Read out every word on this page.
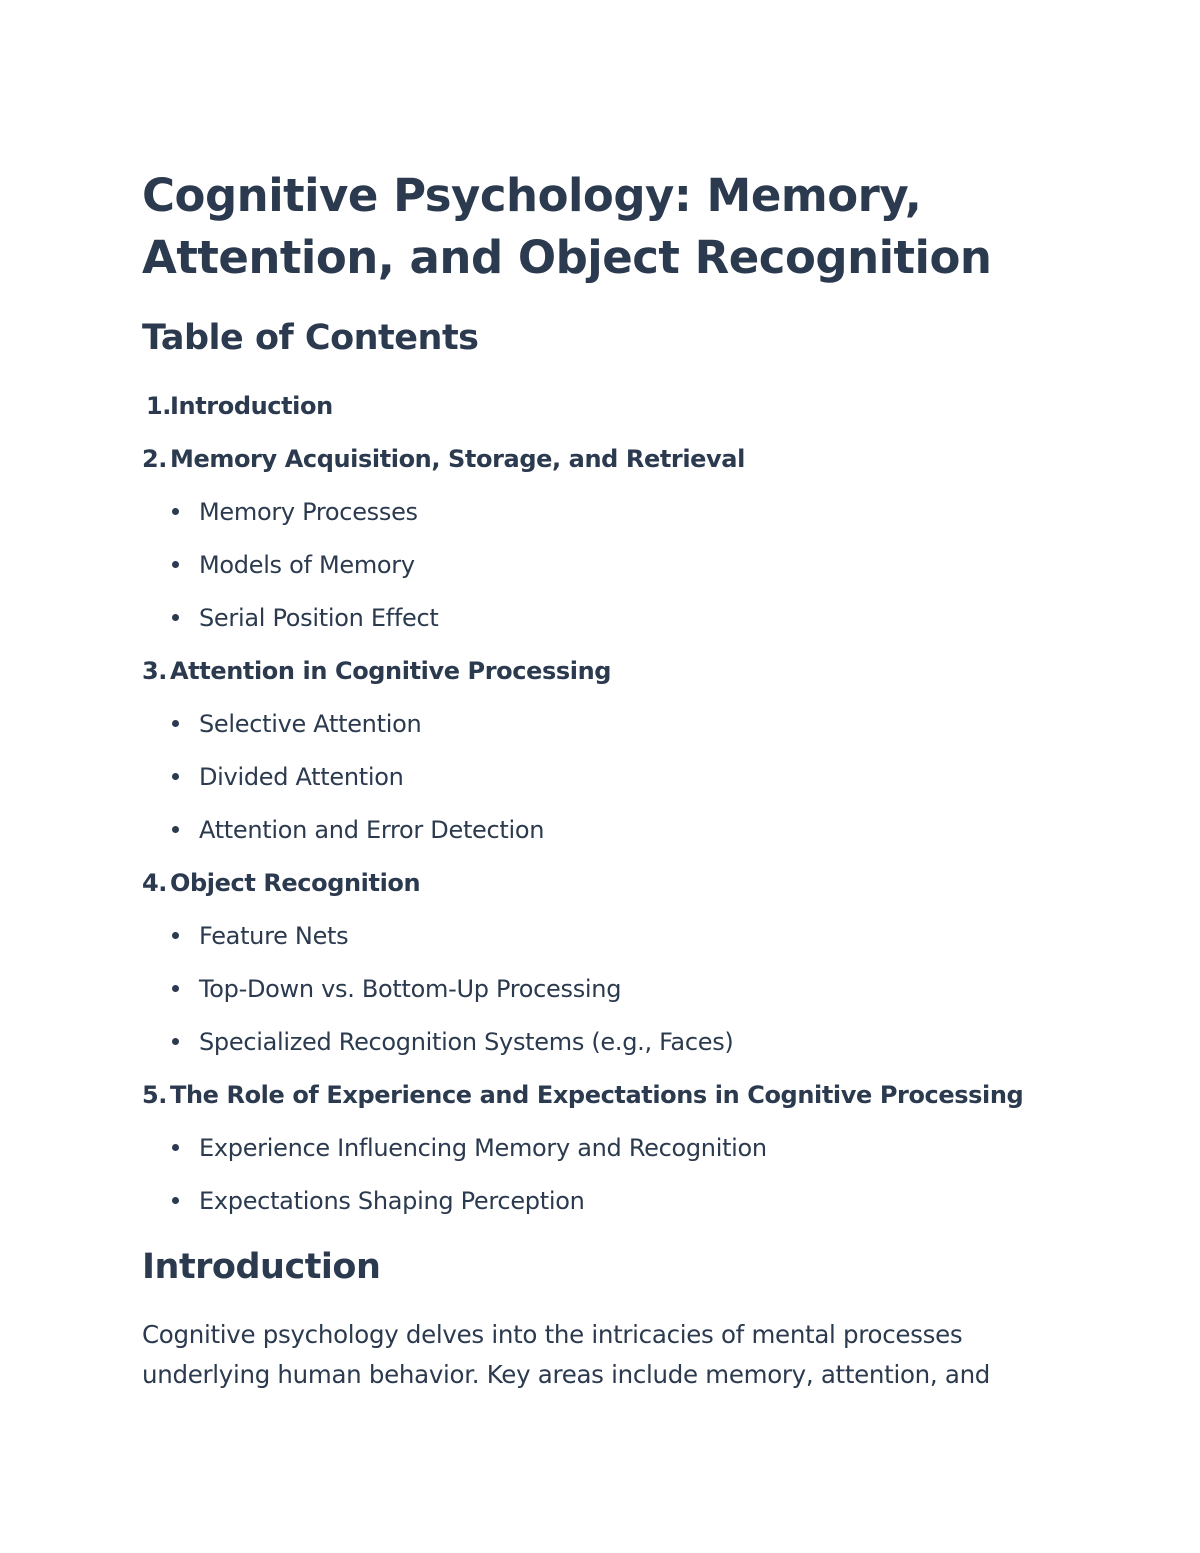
Cognitive Psychology: Memory,
Attention, and Object Recognition
Table of Contents
1.Introduction
2. Memory Acquisition, Storage, and Retrieval
Memory Processes
Models of Memory
Serial Position Effect
3. Attention in Cognitive Processing
Selective Attention
Divided Attention
Attention and Error Detection
4. Object Recognition
Feature Nets
Top-Down vs. Bottom-Up Processing
Specialized Recognition Systems (e.g., Faces)
5. The Role of Experience and Expectations in Cognitive Processing
Experience Influencing Memory and Recognition
Expectations Shaping Perception
Introduction

Cognitive psychology delves into the intricacies of mental processes
underlying human behavior. Key areas include memory, attention, and
